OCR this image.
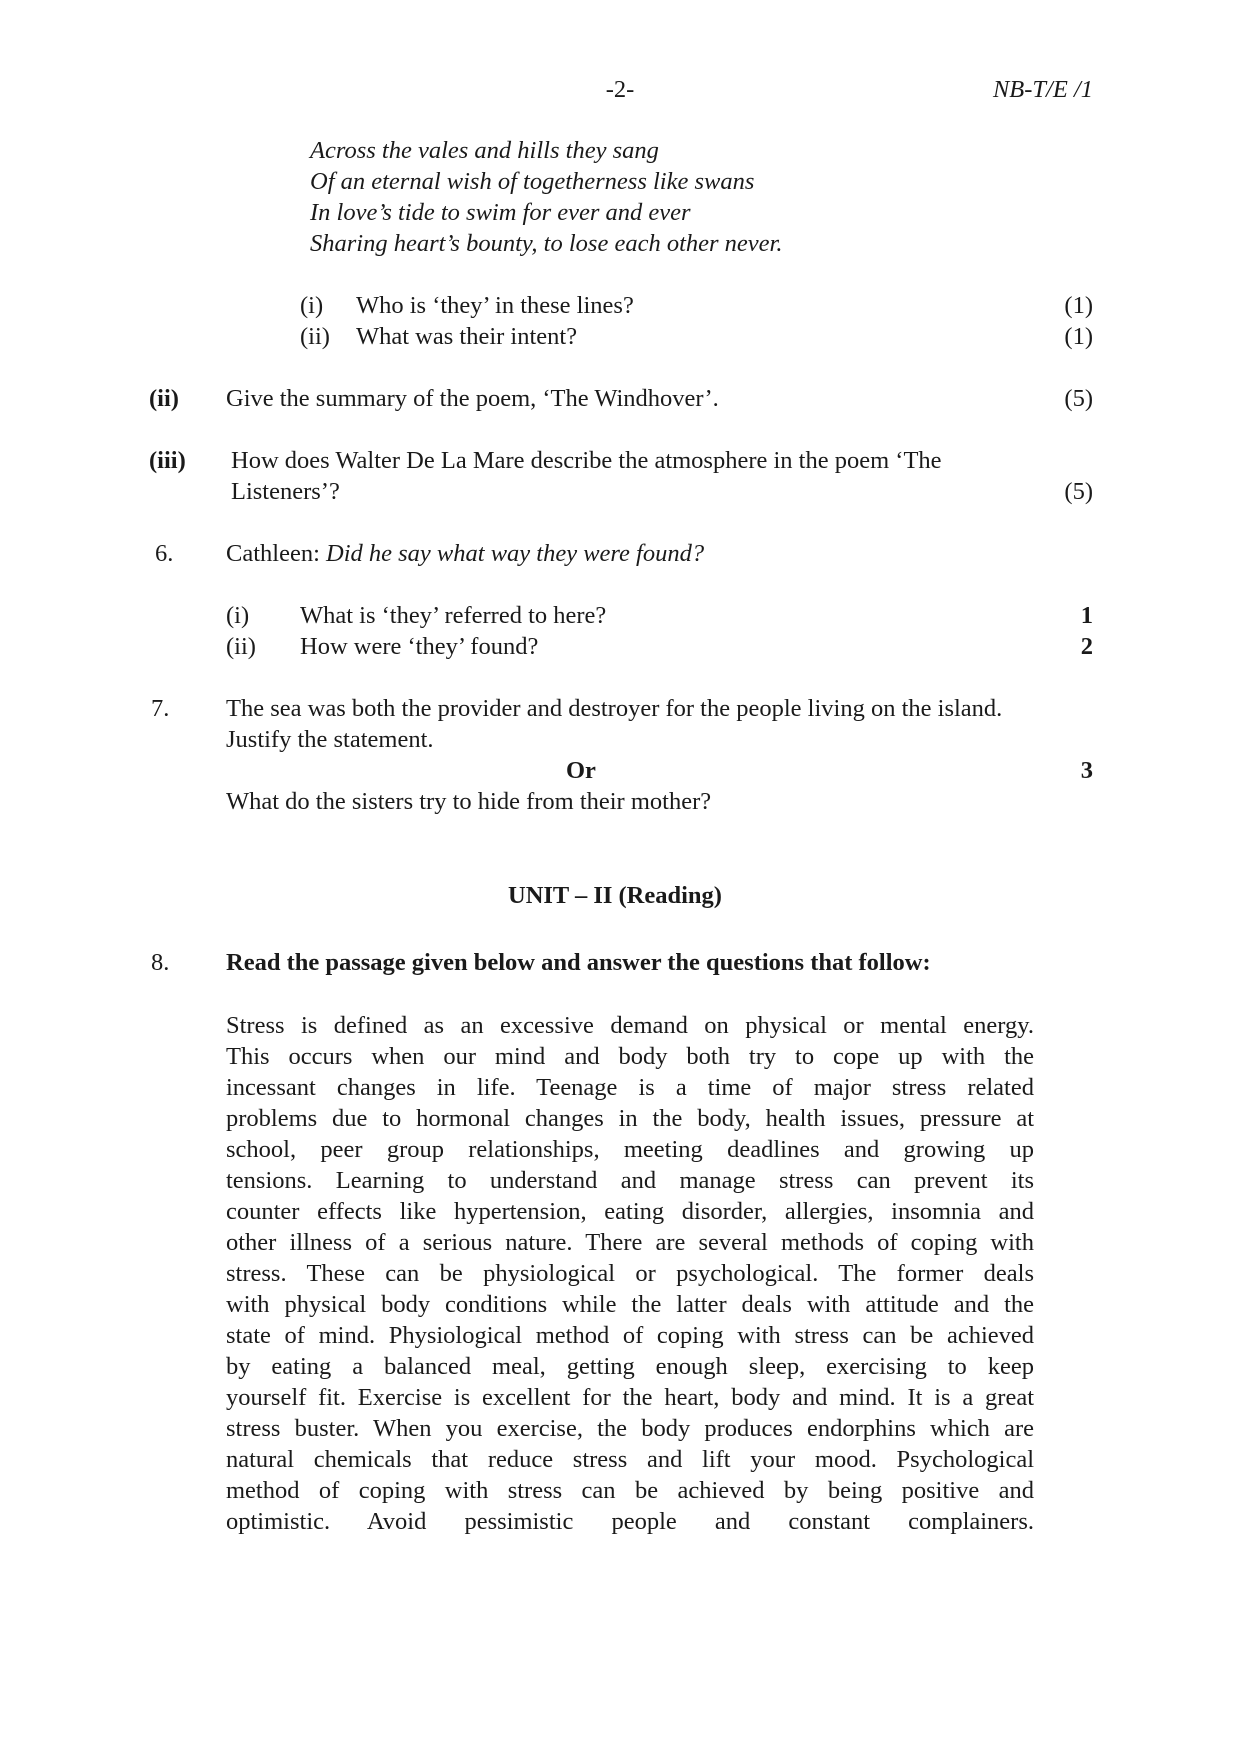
-2-	NB-T/E /1
Across the vales and hills they sang
Of an eternal wish of togetherness like swans
In love’s tide to swim for ever and ever
Sharing heart’s bounty, to lose each other never.
(i) Who is ‘they’ in these lines?	(1)
(ii) What was their intent?	(1)
(ii) Give the summary of the poem, ‘The Windhover’.	(5)
(iii) How does Walter De La Mare describe the atmosphere in the poem ‘The
Listeners’?	(5)
6. Cathleen: Did he say what way they were found?
(i) What is ‘they’ referred to here?	1
(ii) How were ‘they’ found?	2
7. The sea was both the provider and destroyer for the people living on the island.
Justify the statement.
Or	3
What do the sisters try to hide from their mother?
UNIT – II (Reading)
8. Read the passage given below and answer the questions that follow:
Stress is defined as an excessive demand on physical or mental energy.
This occurs when our mind and body both try to cope up with the
incessant changes in life. Teenage is a time of major stress related
problems due to hormonal changes in the body, health issues, pressure at
school, peer group relationships, meeting deadlines and growing up
tensions. Learning to understand and manage stress can prevent its
counter effects like hypertension, eating disorder, allergies, insomnia and
other illness of a serious nature. There are several methods of coping with
stress. These can be physiological or psychological. The former deals
with physical body conditions while the latter deals with attitude and the
state of mind. Physiological method of coping with stress can be achieved
by eating a balanced meal, getting enough sleep, exercising to keep
yourself fit. Exercise is excellent for the heart, body and mind. It is a great
stress buster. When you exercise, the body produces endorphins which are
natural chemicals that reduce stress and lift your mood. Psychological
method of coping with stress can be achieved by being positive and
optimistic. Avoid pessimistic people and constant complainers.
